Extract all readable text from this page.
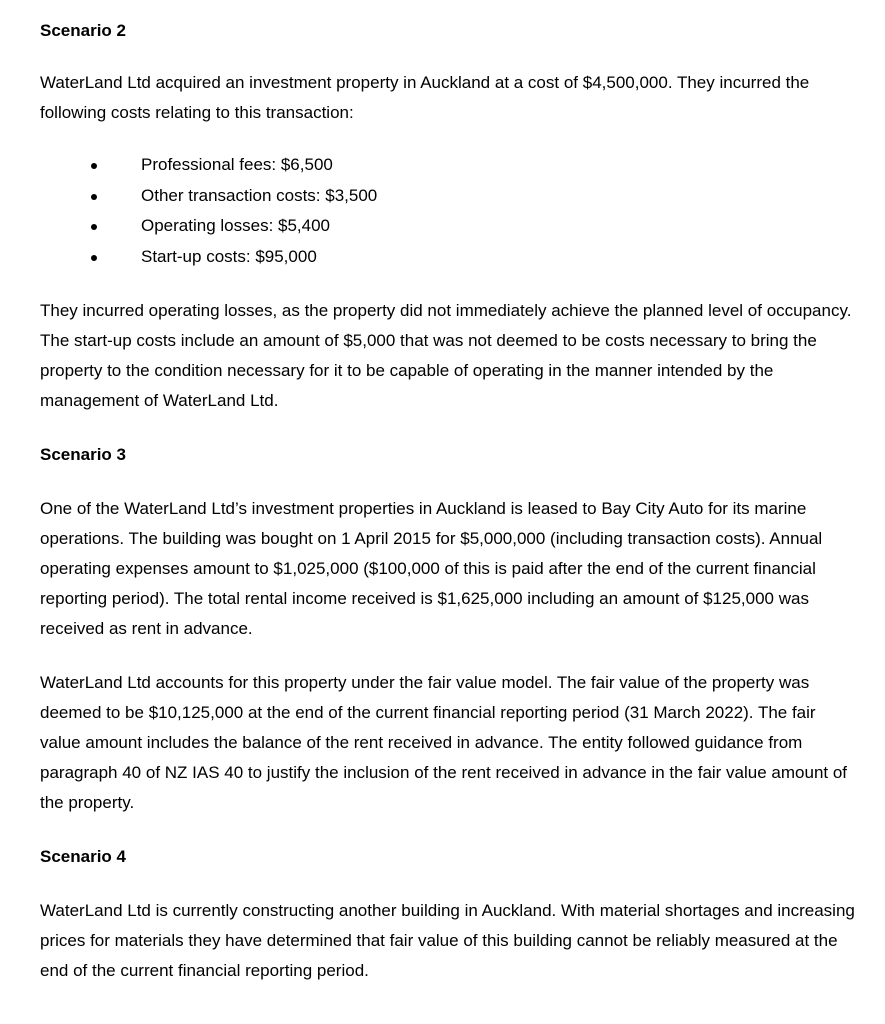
Scenario 2

WaterLand Ltd acquired an investment property in Auckland at a cost of $4,500,000. They incurred the following costs relating to this transaction:

Professional fees: $6,500
Other transaction costs: $3,500
Operating losses: $5,400
Start-up costs: $95,000

They incurred operating losses, as the property did not immediately achieve the planned level of occupancy. The start-up costs include an amount of $5,000 that was not deemed to be costs necessary to bring the property to the condition necessary for it to be capable of operating in the manner intended by the management of WaterLand Ltd.

Scenario 3

One of the WaterLand Ltd’s investment properties in Auckland is leased to Bay City Auto for its marine operations. The building was bought on 1 April 2015 for $5,000,000 (including transaction costs). Annual operating expenses amount to $1,025,000 ($100,000 of this is paid after the end of the current financial reporting period). The total rental income received is $1,625,000 including an amount of $125,000 was received as rent in advance.

WaterLand Ltd accounts for this property under the fair value model. The fair value of the property was deemed to be $10,125,000 at the end of the current financial reporting period (31 March 2022). The fair value amount includes the balance of the rent received in advance. The entity followed guidance from paragraph 40 of NZ IAS 40 to justify the inclusion of the rent received in advance in the fair value amount of the property.

Scenario 4

WaterLand Ltd is currently constructing another building in Auckland. With material shortages and increasing prices for materials they have determined that fair value of this building cannot be reliably measured at the end of the current financial reporting period.
